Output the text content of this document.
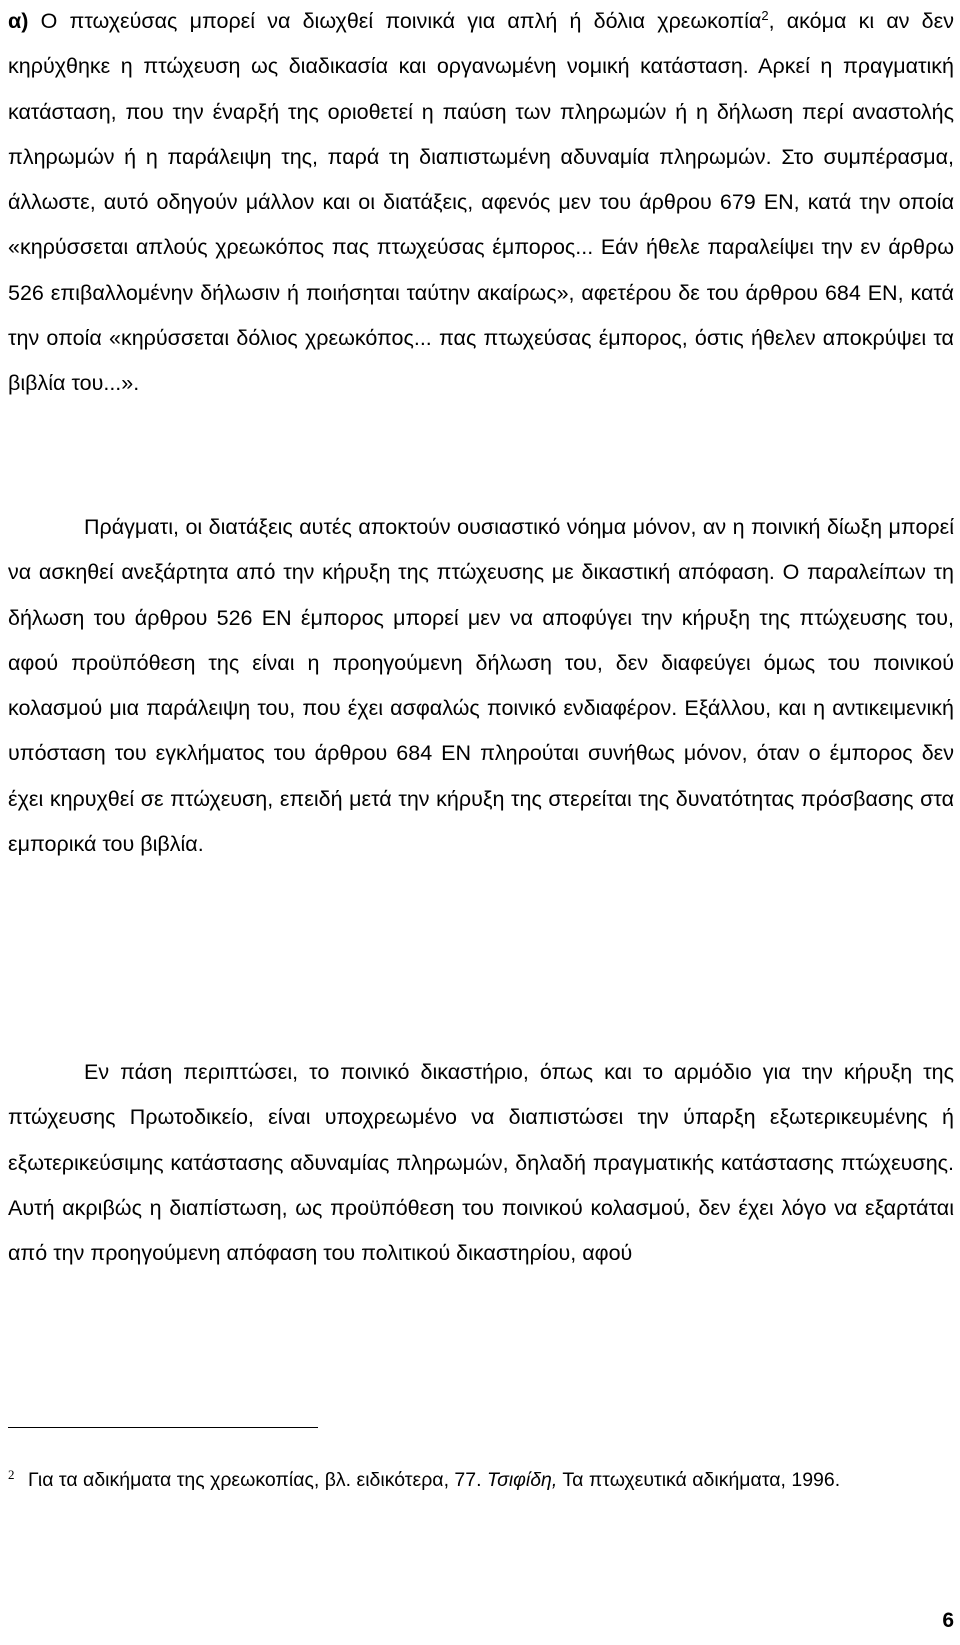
α) Ο πτωχεύσας μπορεί να διωχθεί ποινικά για απλή ή δόλια χρεωκοπία$^2$, ακόμα κι αν δεν κηρύχθηκε η πτώχευση ως διαδικασία και οργανωμένη νομική κατάσταση. Αρκεί η πραγματική κατάσταση, που την έναρξή της οριοθετεί η παύση των πληρωμών ή η δήλωση περί αναστολής πληρωμών ή η παράλειψη της, παρά τη διαπιστωμένη αδυναμία πληρωμών. Στο συμπέρασμα, άλλωστε, αυτό οδηγούν μάλλον και οι διατάξεις, αφενός μεν του άρθρου 679 ΕΝ, κατά την οποία «κηρύσσεται απλούς χρεωκόπος πας πτωχεύσας έμπορος... Εάν ήθελε παραλείψει την εν άρθρω 526 επιβαλλομένην δήλωσιν ή ποιήσηται ταύτην ακαίρως», αφετέρου δε του άρθρου 684 ΕΝ, κατά την οποία «κηρύσσεται δόλιος χρεωκόπος... πας πτωχεύσας έμπορος, όστις ήθελεν αποκρύψει τα βιβλία του...».

Πράγματι, οι διατάξεις αυτές αποκτούν ουσιαστικό νόημα μόνον, αν η ποινική δίωξη μπορεί να ασκηθεί ανεξάρτητα από την κήρυξη της πτώχευσης με δικαστική απόφαση. Ο παραλείπων τη δήλωση του άρθρου 526 ΕΝ έμπορος μπορεί μεν να αποφύγει την κήρυξη της πτώχευσης του, αφού προϋπόθεση της είναι η προηγούμενη δήλωση του, δεν διαφεύγει όμως του ποινικού κολασμού μια παράλειψη του, που έχει ασφαλώς ποινικό ενδιαφέρον. Εξάλλου, και η αντικειμενική υπόσταση του εγκλήματος του άρθρου 684 ΕΝ πληρούται συνήθως μόνον, όταν ο έμπορος δεν έχει κηρυχθεί σε πτώχευση, επειδή μετά την κήρυξη της στερείται της δυνατότητας πρόσβασης στα εμπορικά του βιβλία.

Εν πάση περιπτώσει, το ποινικό δικαστήριο, όπως και το αρμόδιο για την κήρυξη της πτώχευσης Πρωτοδικείο, είναι υποχρεωμένο να διαπιστώσει την ύπαρξη εξωτερικευμένης ή εξωτερικεύσιμης κατάστασης αδυναμίας πληρωμών, δηλαδή πραγματικής κατάστασης πτώχευσης. Αυτή ακριβώς η διαπίστωση, ως προϋπόθεση του ποινικού κολασμού, δεν έχει λόγο να εξαρτάται από την προηγούμενη απόφαση του πολιτικού δικαστηρίου, αφού

2 Για τα αδικήματα της χρεωκοπίας, βλ. ειδικότερα, 77. Τσιφίδη, Τα πτωχευτικά αδικήματα, 1996.

6
